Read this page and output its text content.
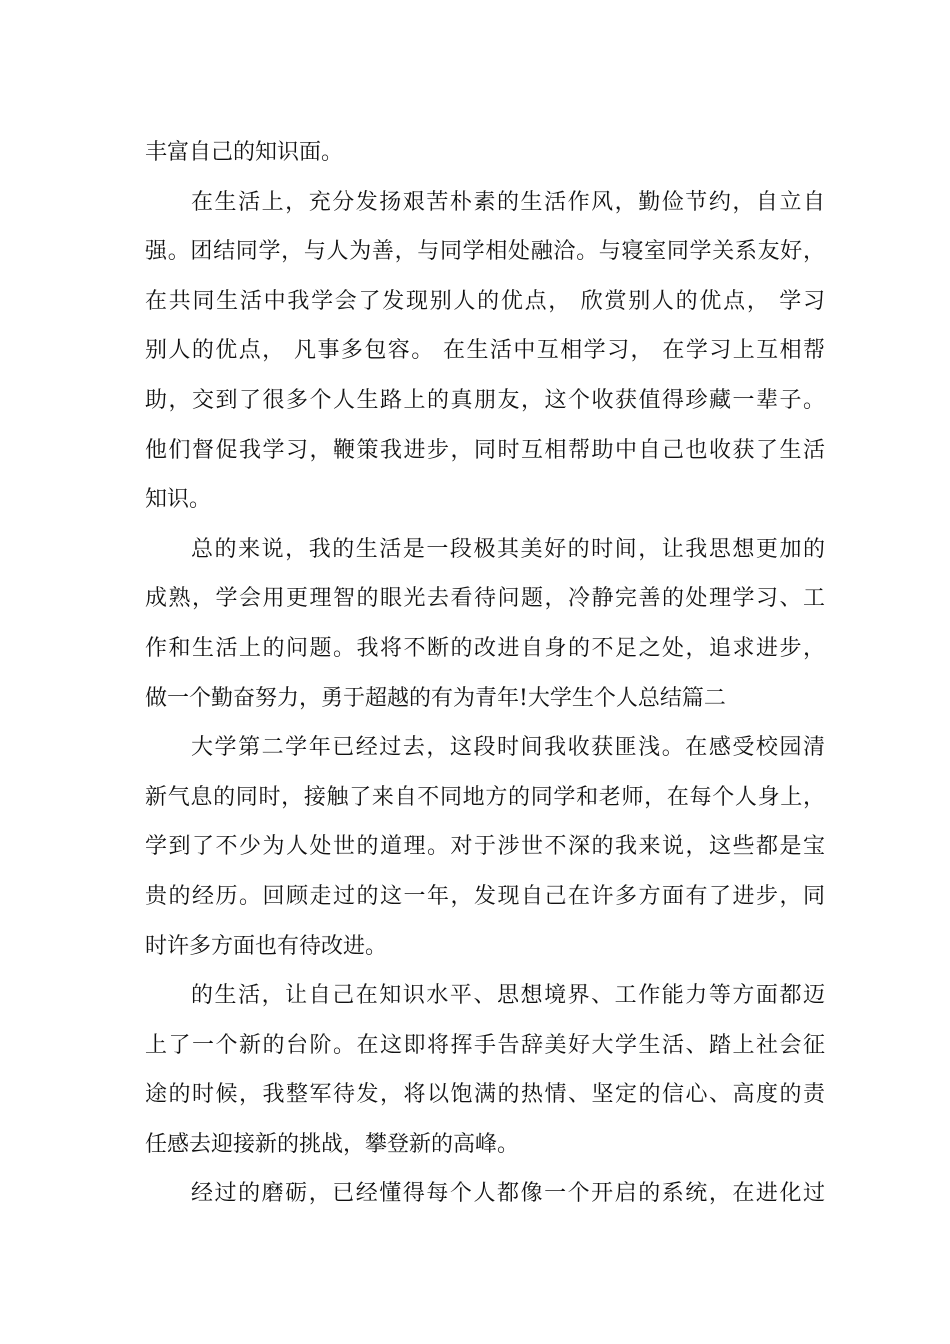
丰富自己的知识面。
在生活上，充分发扬艰苦朴素的生活作风，勤俭节约，自立自
强。团结同学，与人为善，与同学相处融洽。与寝室同学关系友好，
在共同生活中我学会了发现别人的优点， 欣赏别人的优点， 学习
别人的优点， 凡事多包容。 在生活中互相学习， 在学习上互相帮
助，交到了很多个人生路上的真朋友，这个收获值得珍藏一辈子。
他们督促我学习，鞭策我进步，同时互相帮助中自己也收获了生活
知识。
总的来说，我的生活是一段极其美好的时间，让我思想更加的
成熟，学会用更理智的眼光去看待问题，冷静完善的处理学习、工
作和生活上的问题。我将不断的改进自身的不足之处，追求进步，
做一个勤奋努力，勇于超越的有为青年!大学生个人总结篇二
大学第二学年已经过去，这段时间我收获匪浅。在感受校园清
新气息的同时，接触了来自不同地方的同学和老师，在每个人身上，
学到了不少为人处世的道理。对于涉世不深的我来说，这些都是宝
贵的经历。回顾走过的这一年，发现自己在许多方面有了进步，同
时许多方面也有待改进。
的生活，让自己在知识水平、思想境界、工作能力等方面都迈
上了一个新的台阶。在这即将挥手告辞美好大学生活、踏上社会征
途的时候，我整军待发，将以饱满的热情、坚定的信心、高度的责
任感去迎接新的挑战，攀登新的高峰。
经过的磨砺，已经懂得每个人都像一个开启的系统，在进化过
